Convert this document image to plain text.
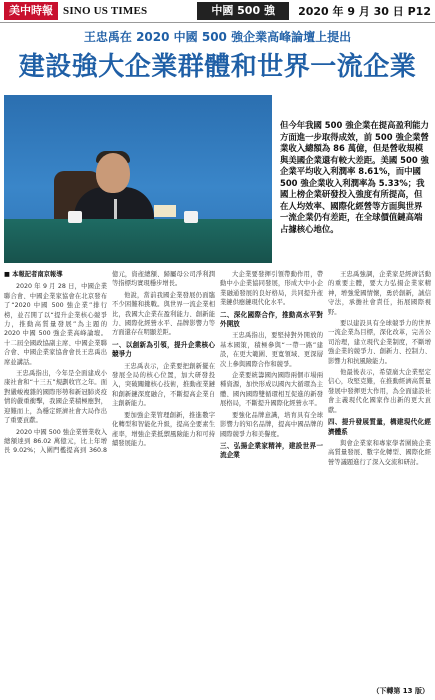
美中時報 SINO US TIMES	中國 500 強	2020 年 9 月 30 日 P12
王忠禹在 2020 中國 500 強企業高峰論壇上提出
建設強大企業群體和世界一流企業
但今年我國 500 強企業在提高盈利能力方面進一步取得成效，前 500 強企業營業收入總額為 86 萬億，但是營收規模與美國企業還有較大差距。美國 500 強企業平均收入利潤率 8.61%，而中國 500 強企業收入利潤率為 5.33%；我國上榜企業研發投入強度有所提高，但在人均效率、國際化經營等方面與世界一流企業仍有差距，在全球價值鏈高端占據核心地位。

■ 本報記者南京報導

2020 年 9 月 28 日，中國企業聯合會、中國企業家協會在北京發布了“2020 中國 500 強企業”排行榜，並召開了以“提升企業核心競爭力，推動高質量發展”為主題的 2020 中國 500 強企業高峰論壇。十二屆全國政協副主席、中國企業聯合會、中國企業家協會會長王忠禹出席並講話。

王忠禹指出，今年是全面建成小康社會和“十三五”規劃收官之年。面對嚴峻複雜的國際形勢和新冠肺炎疫情的嚴重衝擊，我國企業積極應對，迎難而上，為穩定經濟社會大局作出了重要貢獻。

2020 中國 500 強企業營業收入總額達到 86.02 萬億元，比上年增長 9.02%；入圍門檻提高到 360.8 億元，資產總額、歸屬母公司淨利潤等指標均實現穩步增長。

他說，當前我國企業發展仍面臨不少困難和挑戰。與世界一流企業相比，我國大企業在盈利能力、創新能力、國際化經營水平、品牌影響力等方面還存在明顯差距。

一、以創新為引領，提升企業核心競爭力

王忠禹表示，企業要把創新擺在發展全局的核心位置，加大研發投入，突破關鍵核心技術，推動產業鏈和創新鏈深度融合，不斷提高企業自主創新能力。

要加強企業管理創新，推進數字化轉型和智能化升級，提高全要素生產率，增強企業抵禦風險能力和可持續發展能力。

大企業要發揮引領帶動作用，帶動中小企業協同發展，形成大中小企業融通發展的良好格局，共同提升產業鏈供應鏈現代化水平。

二、深化國際合作，推動高水平對外開放

王忠禹指出，要堅持對外開放的基本國策，積極參與“一帶一路”建設，在更大範圍、更寬領域、更深層次上參與國際合作和競爭。

企業要統籌國內國際兩個市場兩種資源，加快形成以國內大循環為主體、國內國際雙循環相互促進的新發展格局，不斷提升國際化經營水平。

要強化品牌意識，培育具有全球影響力的知名品牌，提高中國品牌的國際競爭力和美譽度。

三、弘揚企業家精神，建設世界一流企業

王忠禹強調，企業家是經濟活動的重要主體，要大力弘揚企業家精神，增強愛國情懷，勇於創新，誠信守法，承擔社會責任，拓展國際視野。

要以建設具有全球競爭力的世界一流企業為目標，深化改革，完善公司治理，建立現代企業制度，不斷增強企業的競爭力、創新力、控制力、影響力和抗風險能力。

他最後表示，希望廣大企業堅定信心，攻堅克難，在推動經濟高質量發展中發揮更大作用，為全面建設社會主義現代化國家作出新的更大貢獻。

四、提升發展質量，構建現代化經濟體系

與會企業家和專家學者圍繞企業高質量發展、數字化轉型、國際化經營等議題進行了深入交流和研討。

（下轉第 13 版）
